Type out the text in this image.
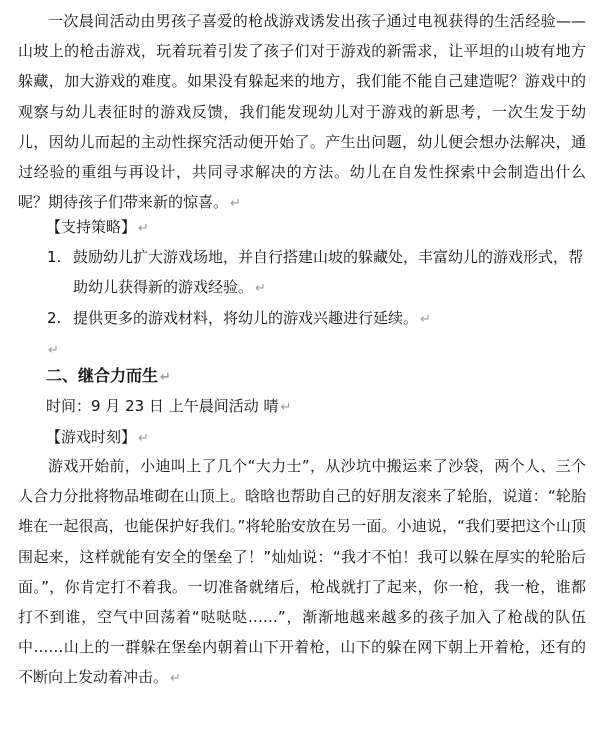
一次晨间活动由男孩子喜爱的枪战游戏诱发出孩子通过电视获得的生活经验——山坡上的枪击游戏，玩着玩着引发了孩子们对于游戏的新需求，让平坦的山坡有地方躲藏，加大游戏的难度。如果没有躲起来的地方，我们能不能自己建造呢？游戏中的观察与幼儿表征时的游戏反馈，我们能发现幼儿对于游戏的新思考，一次生发于幼儿，因幼儿而起的主动性探究活动便开始了。产生出问题，幼儿便会想办法解决，通过经验的重组与再设计，共同寻求解决的方法。幼儿在自发性探索中会制造出什么呢？期待孩子们带来新的惊喜。 ↵

【支持策略】 ↵
1. 鼓励幼儿扩大游戏场地，并自行搭建山坡的躲藏处，丰富幼儿的游戏形式，帮助幼儿获得新的游戏经验。 ↵
2. 提供更多的游戏材料，将幼儿的游戏兴趣进行延续。 ↵
↵
二、继合力而生 ↵
时间：9 月 23 日 上午晨间活动 晴 ↵
【游戏时刻】 ↵

游戏开始前，小迪叫上了几个“大力士”，从沙坑中搬运来了沙袋，两个人、三个人合力分批将物品堆砌在山顶上。晗晗也帮助自己的好朋友滚来了轮胎，说道：“轮胎堆在一起很高，也能保护好我们。”将轮胎安放在另一面。小迪说，“我们要把这个山顶围起来，这样就能有安全的堡垒了！”灿灿说：“我才不怕！我可以躲在厚实的轮胎后面。”，你肯定打不着我。一切准备就绪后，枪战就打了起来，你一枪，我一枪，谁都打不到谁，空气中回荡着“哒哒哒……”，渐渐地越来越多的孩子加入了枪战的队伍中……山上的一群躲在堡垒内朝着山下开着枪，山下的躲在网下朝上开着枪，还有的不断向上发动着冲击。 ↵
